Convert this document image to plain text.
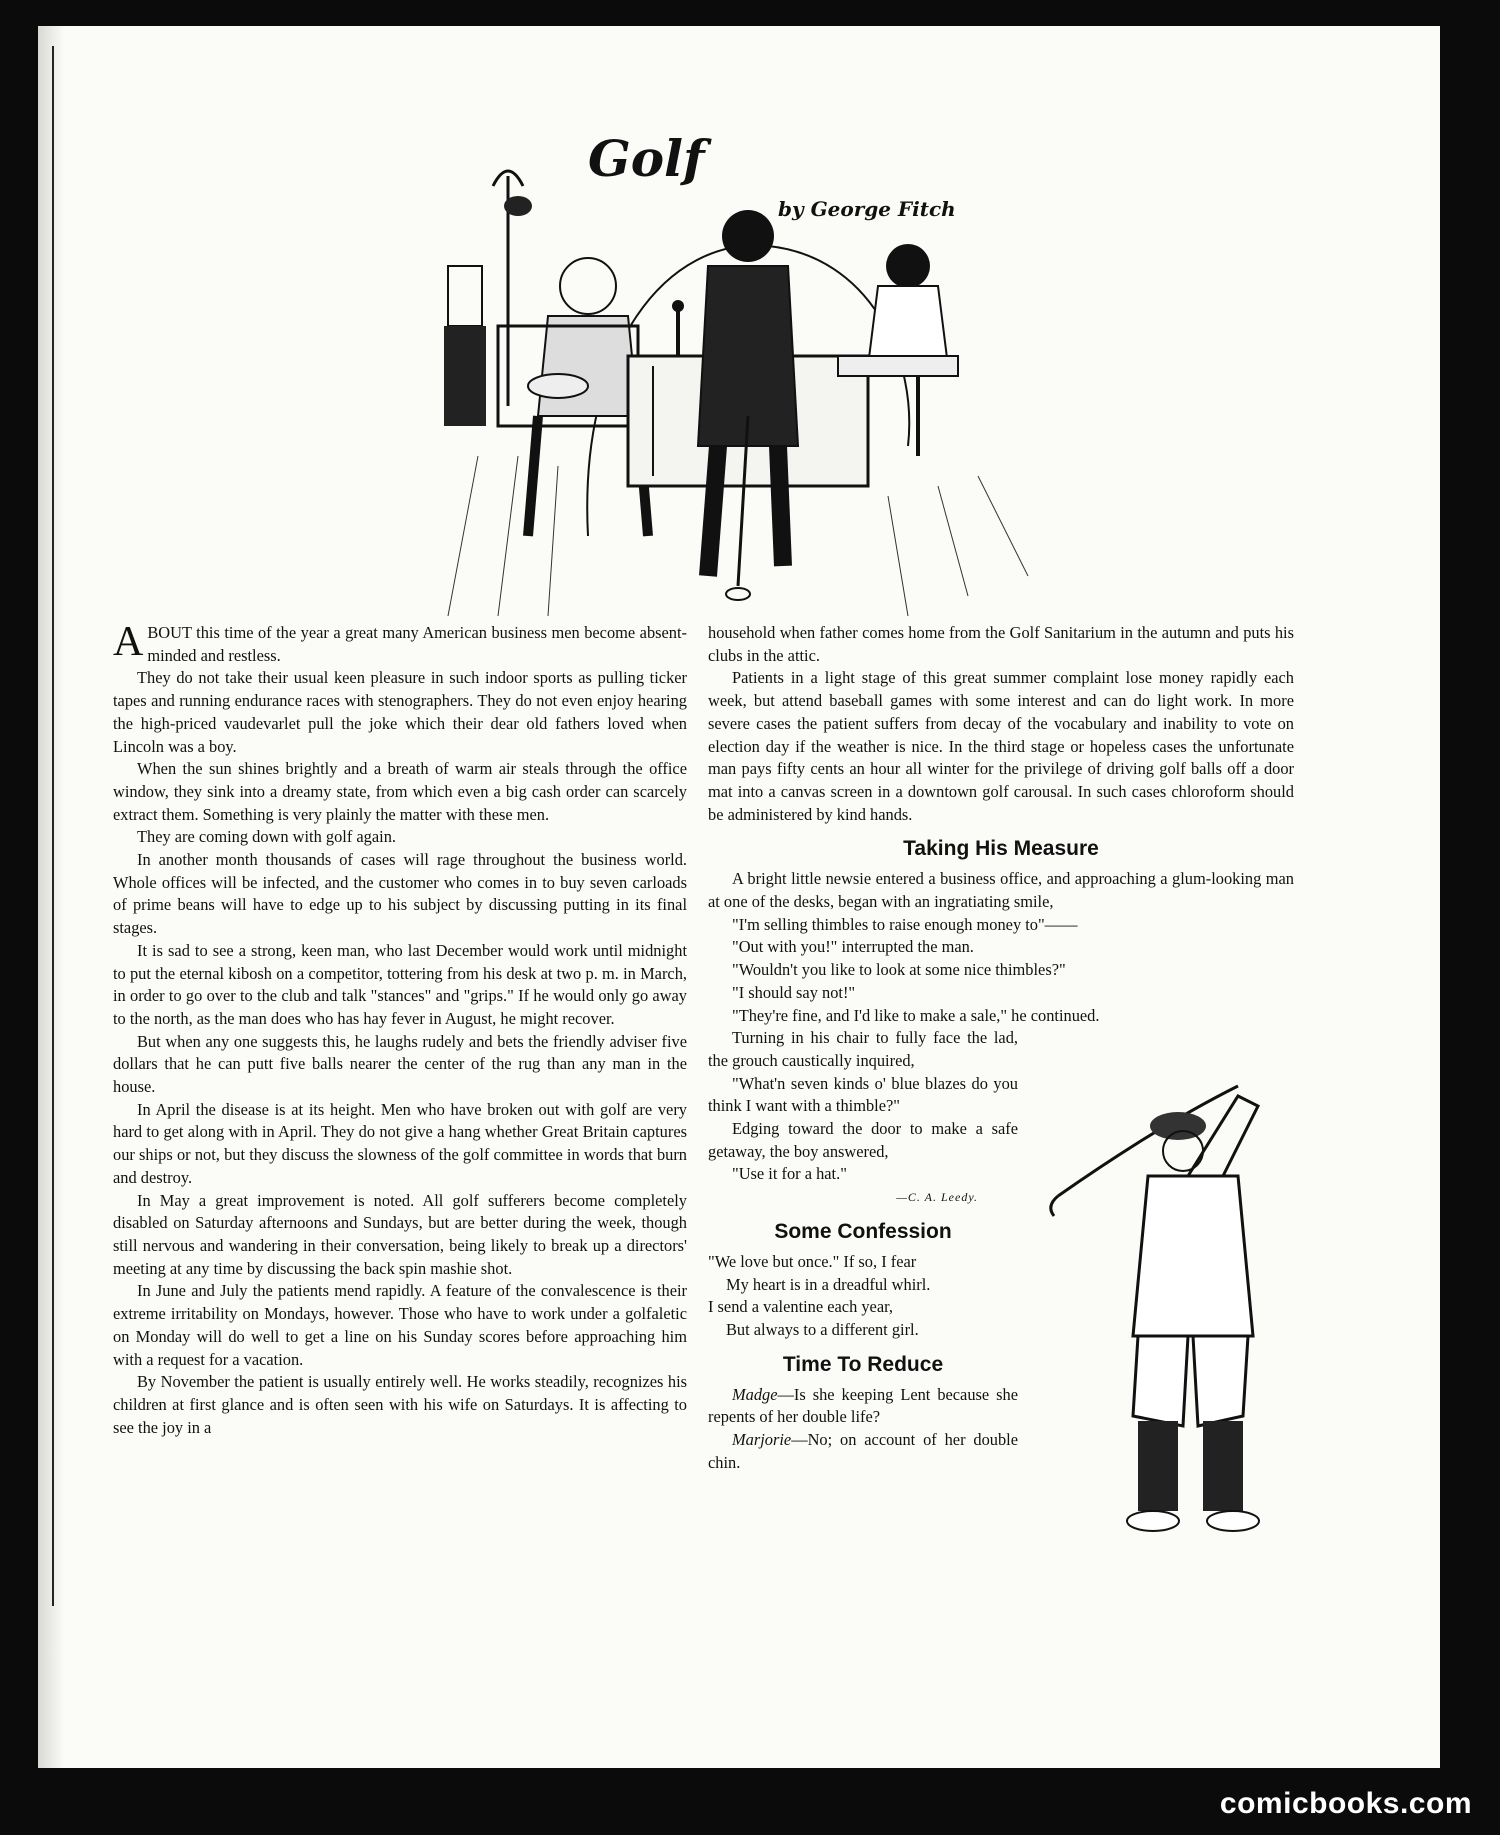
Golf
by George Fitch

ABOUT this time of the year a great many American business men become absent-minded and restless.

They do not take their usual keen pleasure in such indoor sports as pulling ticker tapes and running endurance races with stenographers. They do not even enjoy hearing the high-priced vaudevarlet pull the joke which their dear old fathers loved when Lincoln was a boy.

When the sun shines brightly and a breath of warm air steals through the office window, they sink into a dreamy state, from which even a big cash order can scarcely extract them. Something is very plainly the matter with these men.

They are coming down with golf again.

In another month thousands of cases will rage throughout the business world. Whole offices will be infected, and the customer who comes in to buy seven carloads of prime beans will have to edge up to his subject by discussing putting in its final stages.

It is sad to see a strong, keen man, who last December would work until midnight to put the eternal kibosh on a competitor, tottering from his desk at two p. m. in March, in order to go over to the club and talk "stances" and "grips." If he would only go away to the north, as the man does who has hay fever in August, he might recover.

But when any one suggests this, he laughs rudely and bets the friendly adviser five dollars that he can putt five balls nearer the center of the rug than any man in the house.

In April the disease is at its height. Men who have broken out with golf are very hard to get along with in April. They do not give a hang whether Great Britain captures our ships or not, but they discuss the slowness of the golf committee in words that burn and destroy.

In May a great improvement is noted. All golf sufferers become completely disabled on Saturday afternoons and Sundays, but are better during the week, though still nervous and wandering in their conversation, being likely to break up a directors' meeting at any time by discussing the back spin mashie shot.

In June and July the patients mend rapidly. A feature of the convalescence is their extreme irritability on Mondays, however. Those who have to work under a golfaletic on Monday will do well to get a line on his Sunday scores before approaching him with a request for a vacation.

By November the patient is usually entirely well. He works steadily, recognizes his children at first glance and is often seen with his wife on Saturdays. It is affecting to see the joy in a

household when father comes home from the Golf Sanitarium in the autumn and puts his clubs in the attic.

Patients in a light stage of this great summer complaint lose money rapidly each week, but attend baseball games with some interest and can do light work. In more severe cases the patient suffers from decay of the vocabulary and inability to vote on election day if the weather is nice. In the third stage or hopeless cases the unfortunate man pays fifty cents an hour all winter for the privilege of driving golf balls off a door mat into a canvas screen in a downtown golf carousal. In such cases chloroform should be administered by kind hands.

Taking His Measure

A bright little newsie entered a business office, and approaching a glum-looking man at one of the desks, began with an ingratiating smile,

"I'm selling thimbles to raise enough money to"——

"Out with you!" interrupted the man.

"Wouldn't you like to look at some nice thimbles?"

"I should say not!"

"They're fine, and I'd like to make a sale," he continued.

Turning in his chair to fully face the lad, the grouch caustically inquired,

"What'n seven kinds o' blue blazes do you think I want with a thimble?"

Edging toward the door to make a safe getaway, the boy answered,

"Use it for a hat."

—C. A. Leedy.
Some Confession

"We love but once." If so, I fear

My heart is in a dreadful whirl.

I send a valentine each year,

But always to a different girl.

Time To Reduce

Madge—Is she keeping Lent because she repents of her double life?

Marjorie—No; on account of her double chin.

comicbooks.com
